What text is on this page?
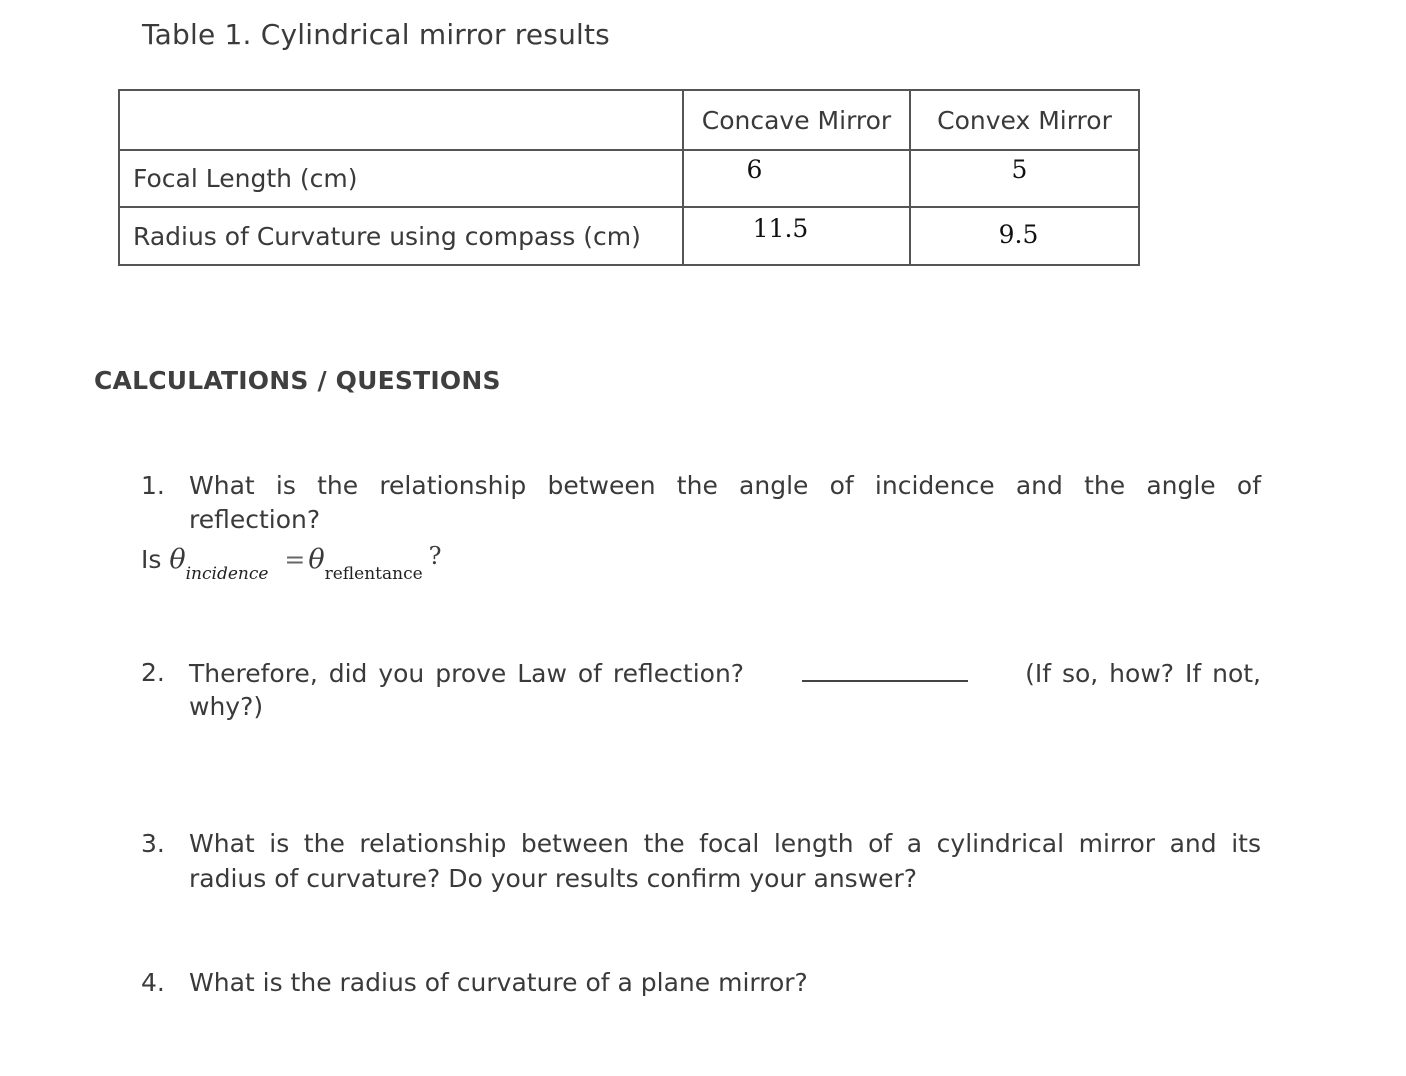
Table 1. Cylindrical mirror results
	Concave Mirror	Convex Mirror
Focal Length (cm)	6	5
Radius of Curvature using compass (cm)	11.5	9.5
CALCULATIONS / QUESTIONS
1. What is the relationship between the angle of incidence and the angle of
reflection?
Is $\theta_{incidence} = \theta_{reflentance}$?
2. Therefore, did you prove Law of reflection?	(If so, how? If not,
why?)
3. What is the relationship between the focal length of a cylindrical mirror and its
radius of curvature? Do your results confirm your answer?
4. What is the radius of curvature of a plane mirror?
